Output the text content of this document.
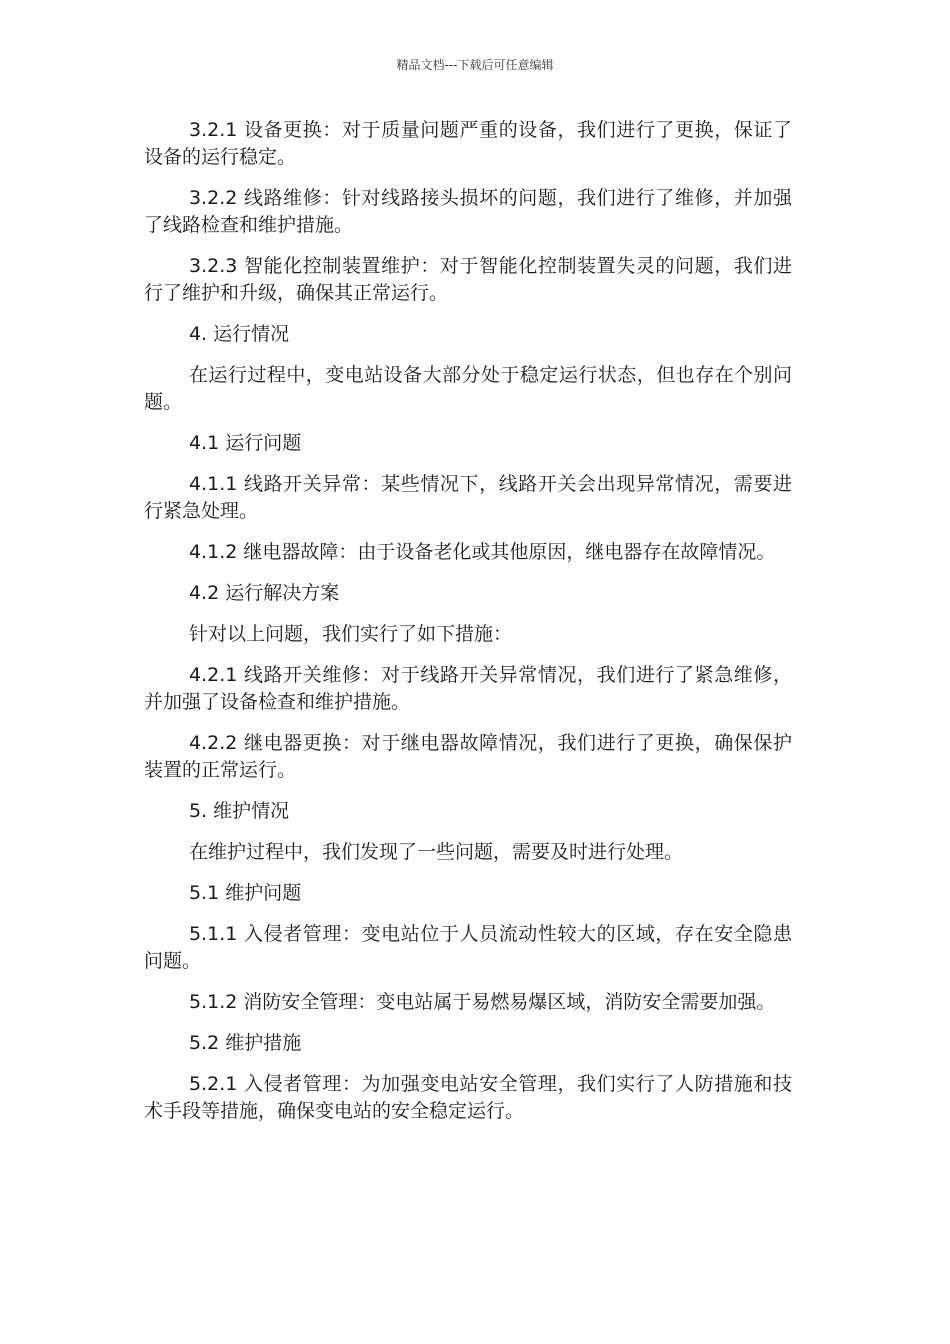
精品文档---下载后可任意编辑

3.2.1 设备更换：对于质量问题严重的设备，我们进行了更换，保证了设备的运行稳定。

3.2.2 线路维修：针对线路接头损坏的问题，我们进行了维修，并加强了线路检查和维护措施。

3.2.3 智能化控制装置维护：对于智能化控制装置失灵的问题，我们进行了维护和升级，确保其正常运行。

4. 运行情况

在运行过程中，变电站设备大部分处于稳定运行状态，但也存在个别问题。

4.1 运行问题

4.1.1 线路开关异常：某些情况下，线路开关会出现异常情况，需要进行紧急处理。

4.1.2 继电器故障：由于设备老化或其他原因，继电器存在故障情况。

4.2 运行解决方案

针对以上问题，我们实行了如下措施：

4.2.1 线路开关维修：对于线路开关异常情况，我们进行了紧急维修，并加强了设备检查和维护措施。

4.2.2 继电器更换：对于继电器故障情况，我们进行了更换，确保保护装置的正常运行。

5. 维护情况

在维护过程中，我们发现了一些问题，需要及时进行处理。

5.1 维护问题

5.1.1 入侵者管理：变电站位于人员流动性较大的区域，存在安全隐患问题。

5.1.2 消防安全管理：变电站属于易燃易爆区域，消防安全需要加强。

5.2 维护措施

5.2.1 入侵者管理：为加强变电站安全管理，我们实行了人防措施和技术手段等措施，确保变电站的安全稳定运行。
